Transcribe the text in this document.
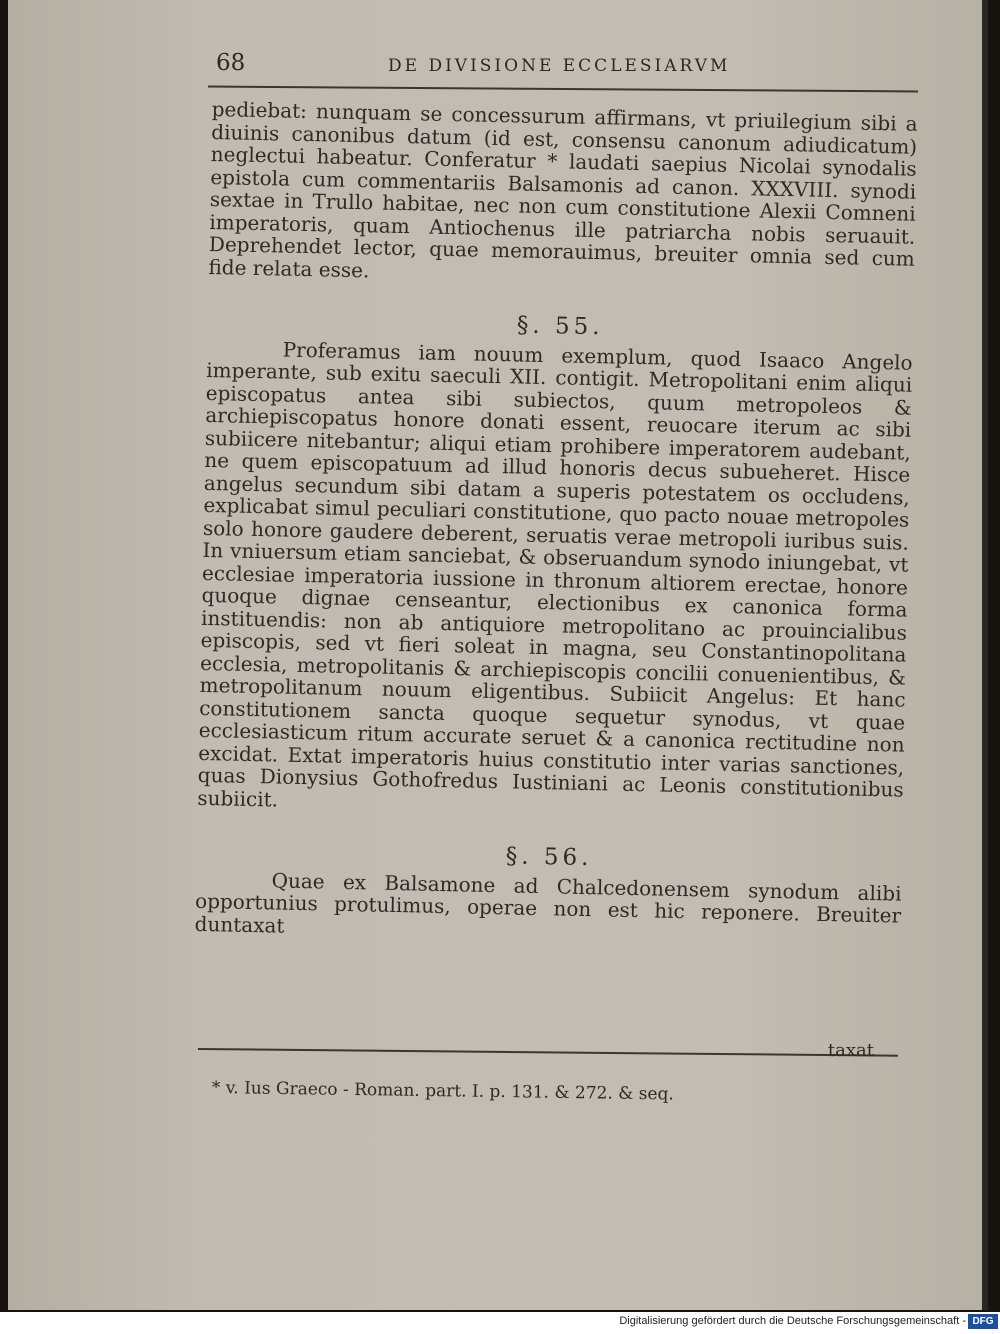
68	DE DIVISIONE ECCLESIARVM

pediebat: nunquam se concessurum affirmans, vt priuilegium sibi a diuinis canonibus datum (id est, consensu canonum adiudicatum) neglectui habeatur. Conferatur * laudati saepius Nicolai synodalis epistola cum commentariis Balsamonis ad canon. XXXVIII. synodi sextae in Trullo habitae, nec non cum constitutione Alexii Comneni imperatoris, quam Antiochenus ille patriarcha nobis seruauit. Deprehendet lector, quae memorauimus, breuiter omnia sed cum fide relata esse.

§. 55.

Proferamus iam nouum exemplum, quod Isaaco Angelo imperante, sub exitu saeculi XII. contigit. Metropolitani enim aliqui episcopatus antea sibi subiectos, quum metropoleos & archiepiscopatus honore donati essent, reuocare iterum ac sibi subiicere nitebantur; aliqui etiam prohibere imperatorem audebant, ne quem episcopatuum ad illud honoris decus subueheret. Hisce angelus secundum sibi datam a superis potestatem os occludens, explicabat simul peculiari constitutione, quo pacto nouae metropoles solo honore gaudere deberent, seruatis verae metropoli iuribus suis. In vniuersum etiam sanciebat, & obseruandum synodo iniungebat, vt ecclesiae imperatoria iussione in thronum altiorem erectae, honore quoque dignae censeantur, electionibus ex canonica forma instituendis: non ab antiquiore metropolitano ac prouincialibus episcopis, sed vt fieri soleat in magna, seu Constantinopolitana ecclesia, metropolitanis & archiepiscopis concilii conuenientibus, & metropolitanum nouum eligentibus. Subiicit Angelus: Et hanc constitutionem sancta quoque sequetur synodus, vt quae ecclesiasticum ritum accurate seruet & a canonica rectitudine non excidat. Extat imperatoris huius constitutio inter varias sanctiones, quas Dionysius Gothofredus Iustiniani ac Leonis constitutionibus subiicit.

§. 56.

Quae ex Balsamone ad Chalcedonensem synodum alibi opportunius protulimus, operae non est hic reponere. Breuiter duntaxat

taxat
* v. Ius Graeco - Roman. part. I. p. 131. & 272. & seq.
Digitalisierung gefördert durch die Deutsche Forschungsgemeinschaft - DFG
